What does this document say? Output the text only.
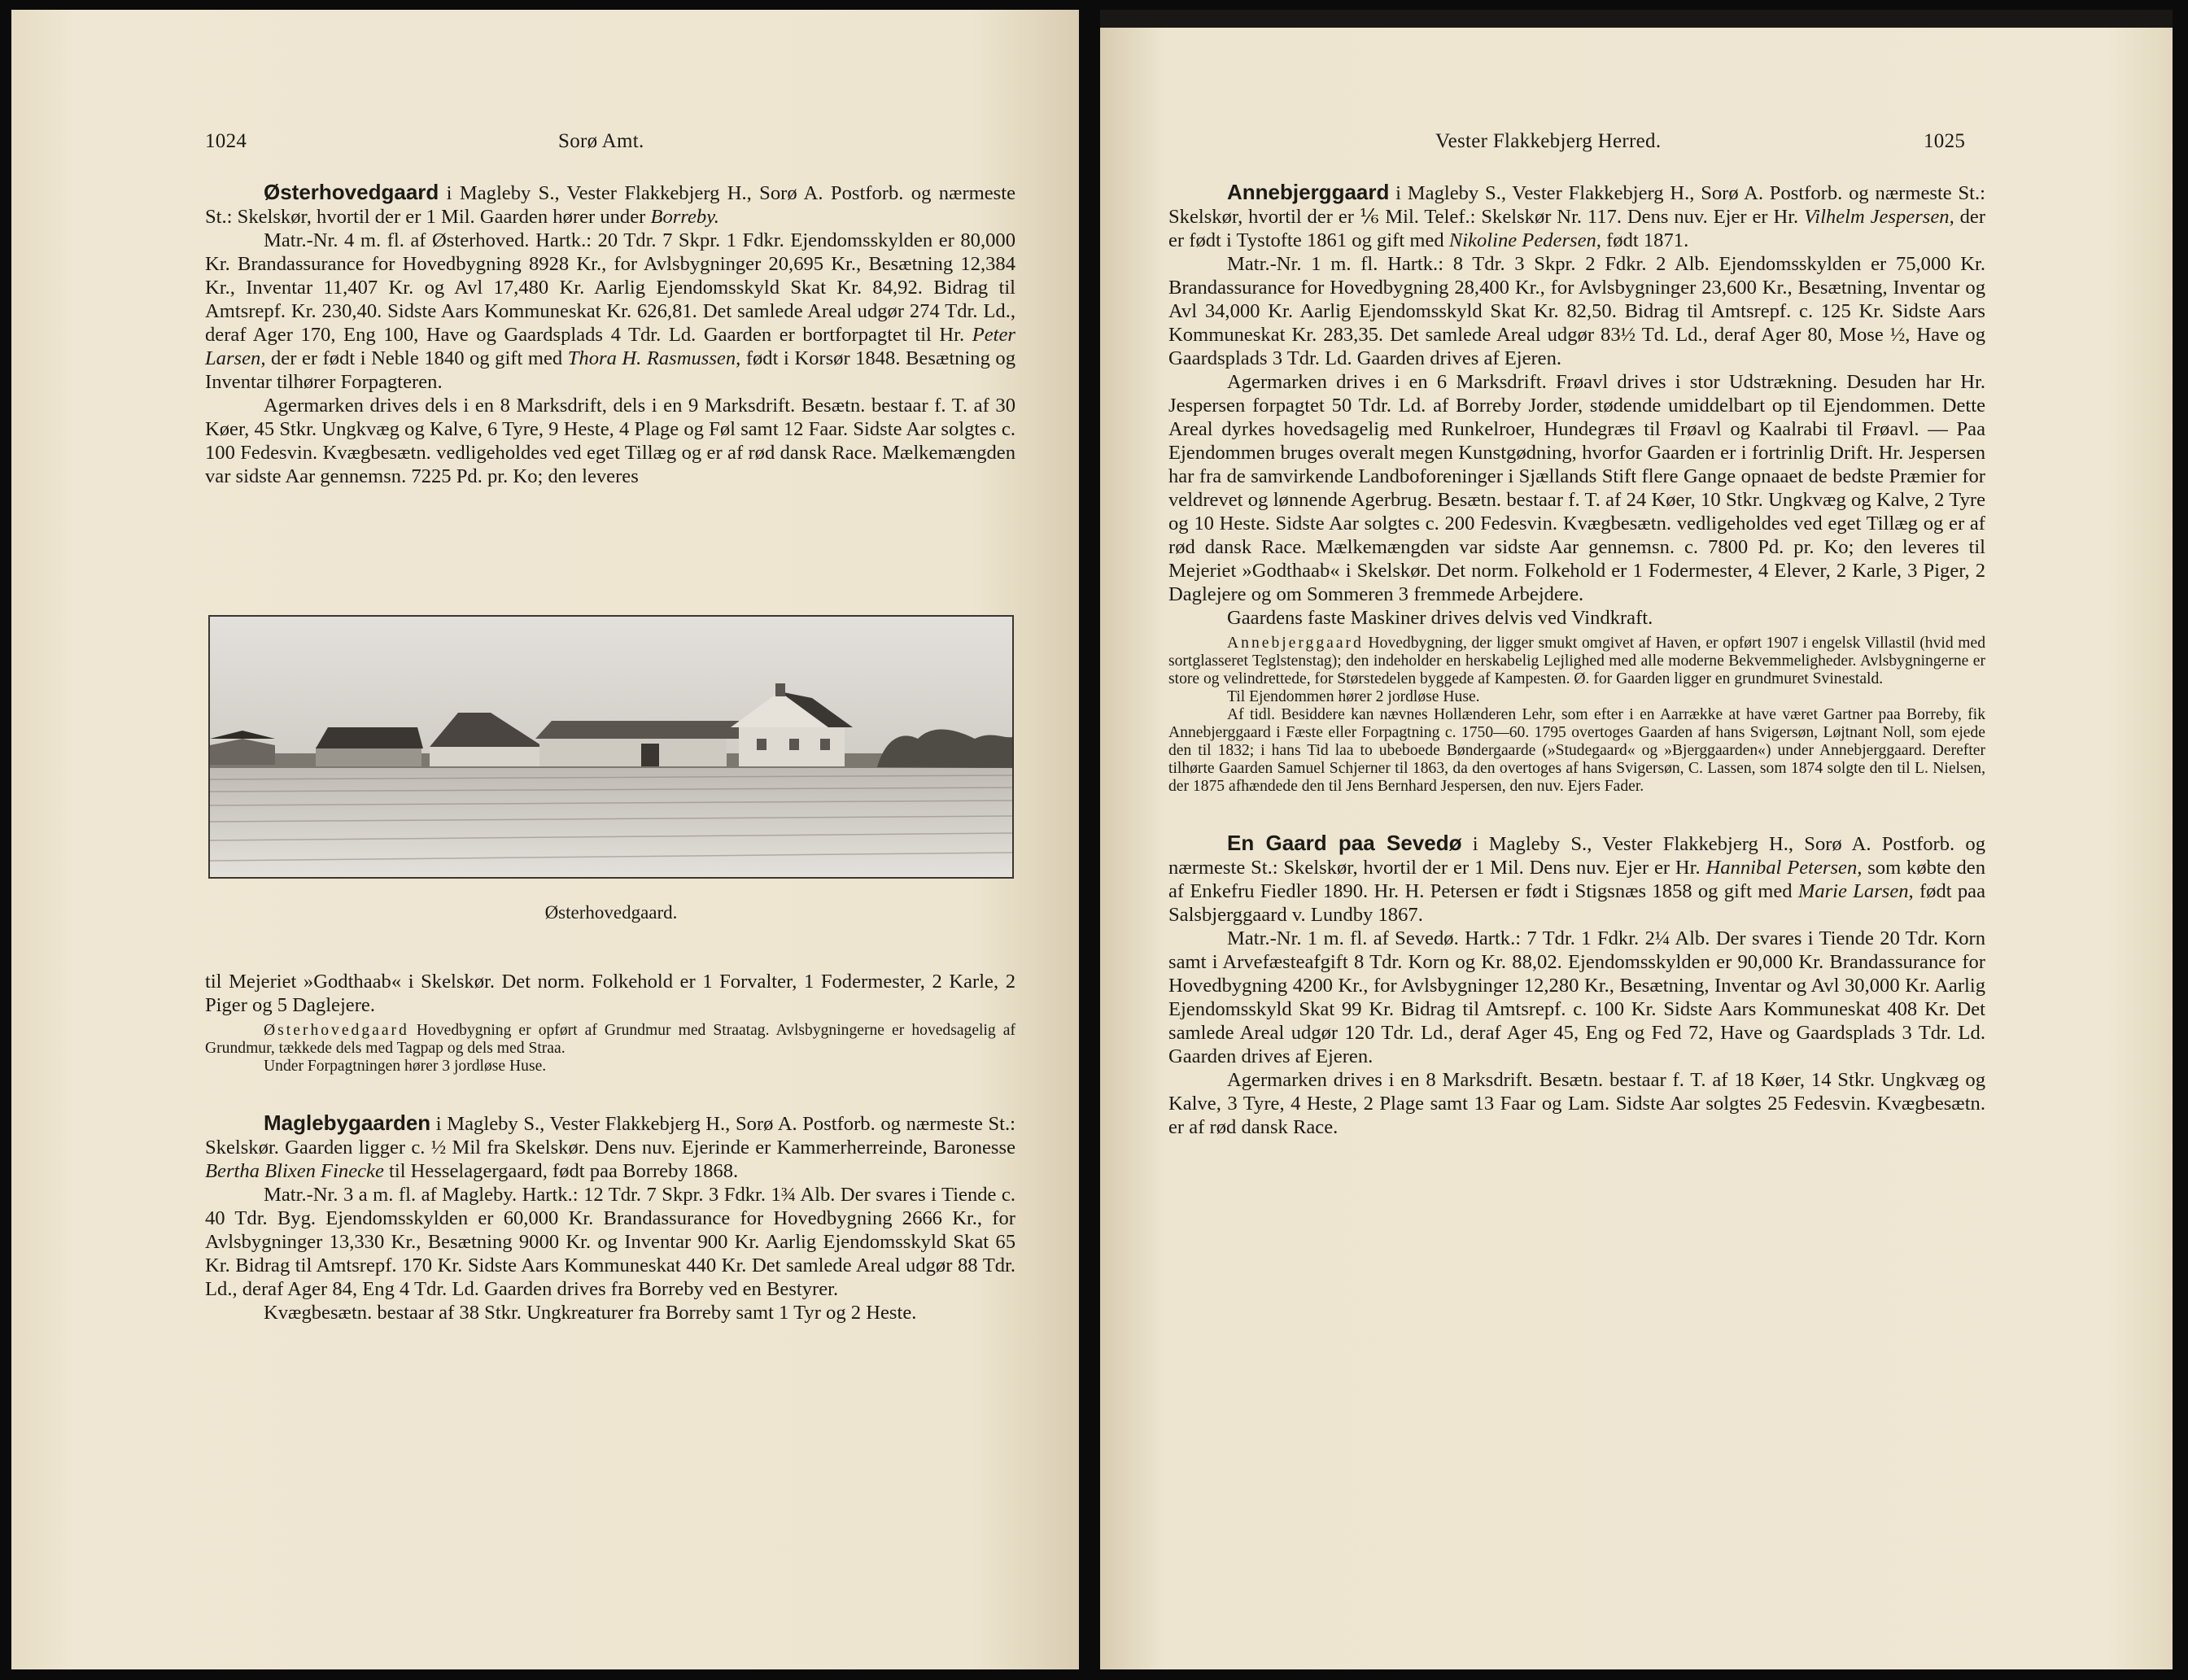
1024	Sorø Amt.

Østerhovedgaard i Magleby S., Vester Flakkebjerg H., Sorø A. Postforb. og nærmeste St.: Skelskør, hvortil der er 1 Mil. Gaarden hører under Borreby.

Matr.-Nr. 4 m. fl. af Østerhoved. Hartk.: 20 Tdr. 7 Skpr. 1 Fdkr. Ejendomsskylden er 80,000 Kr. Brandassurance for Hovedbygning 8928 Kr., for Avlsbygninger 20,695 Kr., Besætning 12,384 Kr., Inventar 11,407 Kr. og Avl 17,480 Kr. Aarlig Ejendomsskyld Skat Kr. 84,92. Bidrag til Amtsrepf. Kr. 230,40. Sidste Aars Kommuneskat Kr. 626,81. Det samlede Areal udgør 274 Tdr. Ld., deraf Ager 170, Eng 100, Have og Gaardsplads 4 Tdr. Ld. Gaarden er bortforpagtet til Hr. Peter Larsen, der er født i Neble 1840 og gift med Thora H. Rasmussen, født i Korsør 1848. Besætning og Inventar tilhører Forpagteren.

Agermarken drives dels i en 8 Marksdrift, dels i en 9 Marksdrift. Besætn. bestaar f. T. af 30 Køer, 45 Stkr. Ungkvæg og Kalve, 6 Tyre, 9 Heste, 4 Plage og Føl samt 12 Faar. Sidste Aar solgtes c. 100 Fedesvin. Kvægbesætn. vedligeholdes ved eget Tillæg og er af rød dansk Race. Mælkemængden var sidste Aar gennemsn. 7225 Pd. pr. Ko; den leveres

Østerhovedgaard.

til Mejeriet »Godthaab« i Skelskør. Det norm. Folkehold er 1 Forvalter, 1 Fodermester, 2 Karle, 2 Piger og 5 Daglejere.

Østerhovedgaard Hovedbygning er opført af Grundmur med Straatag. Avlsbygningerne er hovedsagelig af Grundmur, tækkede dels med Tagpap og dels med Straa.

Under Forpagtningen hører 3 jordløse Huse.

Maglebygaarden i Magleby S., Vester Flakkebjerg H., Sorø A. Postforb. og nærmeste St.: Skelskør. Gaarden ligger c. ½ Mil fra Skelskør. Dens nuv. Ejerinde er Kammerherreinde, Baronesse Bertha Blixen Finecke til Hesselagergaard, født paa Borreby 1868.

Matr.-Nr. 3 a m. fl. af Magleby. Hartk.: 12 Tdr. 7 Skpr. 3 Fdkr. 1¾ Alb. Der svares i Tiende c. 40 Tdr. Byg. Ejendomsskylden er 60,000 Kr. Brandassurance for Hovedbygning 2666 Kr., for Avlsbygninger 13,330 Kr., Besætning 9000 Kr. og Inventar 900 Kr. Aarlig Ejendomsskyld Skat 65 Kr. Bidrag til Amtsrepf. 170 Kr. Sidste Aars Kommuneskat 440 Kr. Det samlede Areal udgør 88 Tdr. Ld., deraf Ager 84, Eng 4 Tdr. Ld. Gaarden drives fra Borreby ved en Bestyrer.

Kvægbesætn. bestaar af 38 Stkr. Ungkreaturer fra Borreby samt 1 Tyr og 2 Heste.

Vester Flakkebjerg Herred.	1025

Annebjerggaard i Magleby S., Vester Flakkebjerg H., Sorø A. Postforb. og nærmeste St.: Skelskør, hvortil der er ⅙ Mil. Telef.: Skelskør Nr. 117. Dens nuv. Ejer er Hr. Vilhelm Jespersen, der er født i Tystofte 1861 og gift med Nikoline Pedersen, født 1871.

Matr.-Nr. 1 m. fl. Hartk.: 8 Tdr. 3 Skpr. 2 Fdkr. 2 Alb. Ejendomsskylden er 75,000 Kr. Brandassurance for Hovedbygning 28,400 Kr., for Avlsbygninger 23,600 Kr., Besætning, Inventar og Avl 34,000 Kr. Aarlig Ejendomsskyld Skat Kr. 82,50. Bidrag til Amtsrepf. c. 125 Kr. Sidste Aars Kommuneskat Kr. 283,35. Det samlede Areal udgør 83½ Td. Ld., deraf Ager 80, Mose ½, Have og Gaardsplads 3 Tdr. Ld. Gaarden drives af Ejeren.

Agermarken drives i en 6 Marksdrift. Frøavl drives i stor Udstrækning. Desuden har Hr. Jespersen forpagtet 50 Tdr. Ld. af Borreby Jorder, stødende umiddelbart op til Ejendommen. Dette Areal dyrkes hovedsagelig med Runkelroer, Hundegræs til Frøavl og Kaalrabi til Frøavl. — Paa Ejendommen bruges overalt megen Kunstgødning, hvorfor Gaarden er i fortrinlig Drift. Hr. Jespersen har fra de samvirkende Landboforeninger i Sjællands Stift flere Gange opnaaet de bedste Præmier for veldrevet og lønnende Agerbrug. Besætn. bestaar f. T. af 24 Køer, 10 Stkr. Ungkvæg og Kalve, 2 Tyre og 10 Heste. Sidste Aar solgtes c. 200 Fedesvin. Kvægbesætn. vedligeholdes ved eget Tillæg og er af rød dansk Race. Mælkemængden var sidste Aar gennemsn. c. 7800 Pd. pr. Ko; den leveres til Mejeriet »Godthaab« i Skelskør. Det norm. Folkehold er 1 Fodermester, 4 Elever, 2 Karle, 3 Piger, 2 Daglejere og om Sommeren 3 fremmede Arbejdere.

Gaardens faste Maskiner drives delvis ved Vindkraft.

Annebjerggaard Hovedbygning, der ligger smukt omgivet af Haven, er opført 1907 i engelsk Villastil (hvid med sortglasseret Teglstenstag); den indeholder en herskabelig Lejlighed med alle moderne Bekvemmeligheder. Avlsbygningerne er store og velindrettede, for Størstedelen byggede af Kampesten. Ø. for Gaarden ligger en grundmuret Svinestald.

Til Ejendommen hører 2 jordløse Huse.

Af tidl. Besiddere kan nævnes Hollænderen Lehr, som efter i en Aarrække at have været Gartner paa Borreby, fik Annebjerggaard i Fæste eller Forpagtning c. 1750—60. 1795 overtoges Gaarden af hans Svigersøn, Løjtnant Noll, som ejede den til 1832; i hans Tid laa to ubeboede Bøndergaarde (»Studegaard« og »Bjerggaarden«) under Annebjerggaard. Derefter tilhørte Gaarden Samuel Schjerner til 1863, da den overtoges af hans Svigersøn, C. Lassen, som 1874 solgte den til L. Nielsen, der 1875 afhændede den til Jens Bernhard Jespersen, den nuv. Ejers Fader.

En Gaard paa Sevedø i Magleby S., Vester Flakkebjerg H., Sorø A. Postforb. og nærmeste St.: Skelskør, hvortil der er 1 Mil. Dens nuv. Ejer er Hr. Hannibal Petersen, som købte den af Enkefru Fiedler 1890. Hr. H. Petersen er født i Stigsnæs 1858 og gift med Marie Larsen, født paa Salsbjerggaard v. Lundby 1867.

Matr.-Nr. 1 m. fl. af Sevedø. Hartk.: 7 Tdr. 1 Fdkr. 2¼ Alb. Der svares i Tiende 20 Tdr. Korn samt i Arvefæsteafgift 8 Tdr. Korn og Kr. 88,02. Ejendomsskylden er 90,000 Kr. Brandassurance for Hovedbygning 4200 Kr., for Avlsbygninger 12,280 Kr., Besætning, Inventar og Avl 30,000 Kr. Aarlig Ejendomsskyld Skat 99 Kr. Bidrag til Amtsrepf. c. 100 Kr. Sidste Aars Kommuneskat 408 Kr. Det samlede Areal udgør 120 Tdr. Ld., deraf Ager 45, Eng og Fed 72, Have og Gaardsplads 3 Tdr. Ld. Gaarden drives af Ejeren.

Agermarken drives i en 8 Marksdrift. Besætn. bestaar f. T. af 18 Køer, 14 Stkr. Ungkvæg og Kalve, 3 Tyre, 4 Heste, 2 Plage samt 13 Faar og Lam. Sidste Aar solgtes 25 Fedesvin. Kvægbesætn. er af rød dansk Race.
